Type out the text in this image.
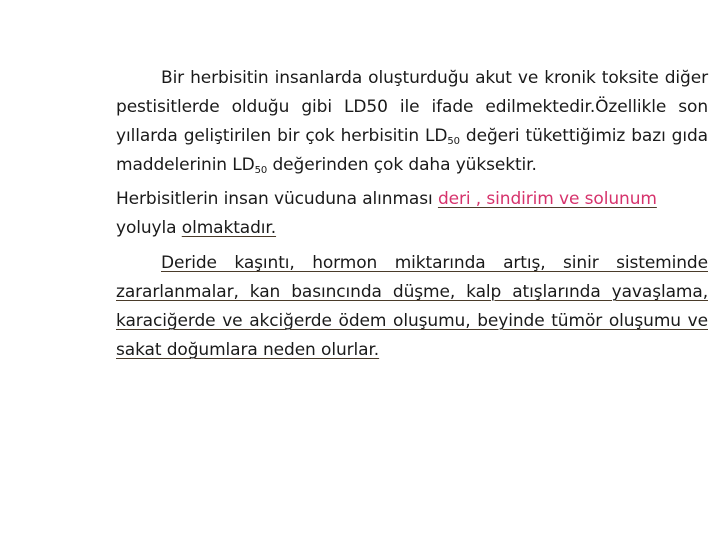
Bir herbisitin insanlarda oluşturduğu akut ve kronik toksite diğer pestisitlerde olduğu gibi LD50 ile ifade edilmektedir.Özellikle son yıllarda geliştirilen bir çok herbisitin $LD_{50}$ değeri tükettiğimiz bazı gıda maddelerinin $LD_{50}$ değerinden çok daha yüksektir.

Herbisitlerin insan vücuduna alınması deri , sindirim ve solunum yoluyla olmaktadır.

Deride kaşıntı, hormon miktarında artış, sinir sisteminde zararlanmalar, kan basıncında düşme, kalp atışlarında yavaşlama, karaciğerde ve akciğerde ödem oluşumu, beyinde tümör oluşumu ve sakat doğumlara neden olurlar.
